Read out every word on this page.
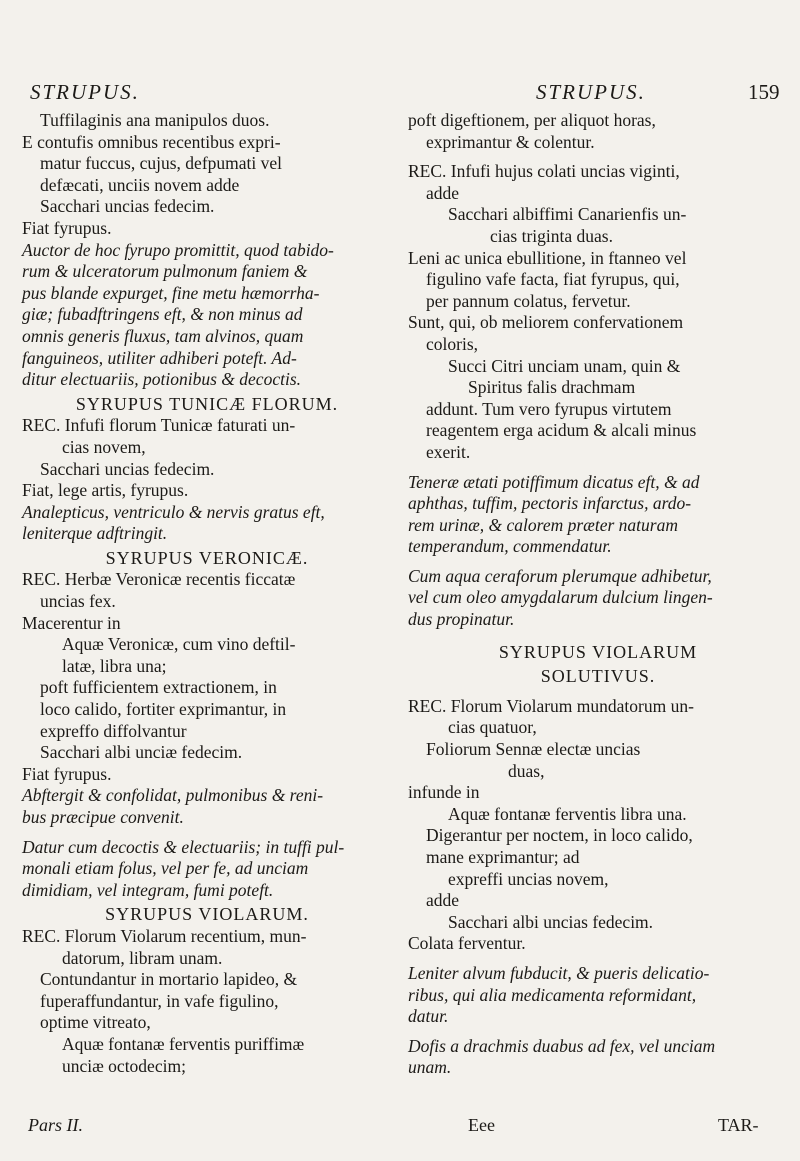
STRUPUS.	STRUPUS.	159
Tuffilaginis ana manipulos duos.
E contufis omnibus recentibus expri-
matur fuccus, cujus, defpumati vel
defæcati, unciis novem adde
Sacchari uncias fedecim.
Fiat fyrupus.
Auctor de hoc fyrupo promittit, quod tabido-
rum & ulceratorum pulmonum faniem &
pus blande expurget, fine metu hæmorrha-
giæ; fubadftringens eft, & non minus ad
omnis generis fluxus, tam alvinos, quam
fanguineos, utiliter adhiberi poteft. Ad-
ditur electuariis, potionibus & decoctis.
SYRUPUS TUNICÆ FLORUM.
REC. Infufi florum Tunicæ faturati un-
cias novem,
Sacchari uncias fedecim.
Fiat, lege artis, fyrupus.
Analepticus, ventriculo & nervis gratus eft,
leniterque adftringit.
SYRUPUS VERONICÆ.
REC. Herbæ Veronicæ recentis ficcatæ
uncias fex.
Macerentur in
Aquæ Veronicæ, cum vino deftil-
latæ, libra una;
poft fufficientem extractionem, in
loco calido, fortiter exprimantur, in
expreffo diffolvantur
Sacchari albi unciæ fedecim.
Fiat fyrupus.
Abftergit & confolidat, pulmonibus & reni-
bus præcipue convenit.
Datur cum decoctis & electuariis; in tuffi pul-
monali etiam folus, vel per fe, ad unciam
dimidiam, vel integram, fumi poteft.
SYRUPUS VIOLARUM.
REC. Florum Violarum recentium, mun-
datorum, libram unam.
Contundantur in mortario lapideo, &
fuperaffundantur, in vafe figulino,
optime vitreato,
Aquæ fontanæ ferventis puriffimæ
unciæ octodecim;
poft digeftionem, per aliquot horas,
exprimantur & colentur.
REC. Infufi hujus colati uncias viginti,
adde
Sacchari albiffimi Canarienfis un-
cias triginta duas.
Leni ac unica ebullitione, in ftanneo vel
figulino vafe facta, fiat fyrupus, qui,
per pannum colatus, fervetur.
Sunt, qui, ob meliorem confervationem
coloris,
Succi Citri unciam unam, quin &
Spiritus falis drachmam
addunt. Tum vero fyrupus virtutem
reagentem erga acidum & alcali minus
exerit.
Teneræ ætati potiffimum dicatus eft, & ad
aphthas, tuffim, pectoris infarctus, ardo-
rem urinæ, & calorem præter naturam
temperandum, commendatur.
Cum aqua ceraforum plerumque adhibetur,
vel cum oleo amygdalarum dulcium lingen-
dus propinatur.
SYRUPUS VIOLARUM
SOLUTIVUS.
REC. Florum Violarum mundatorum un-
cias quatuor,
Foliorum Sennæ electæ uncias
duas,
infunde in
Aquæ fontanæ ferventis libra una.
Digerantur per noctem, in loco calido,
mane exprimantur; ad
expreffi uncias novem,
adde
Sacchari albi uncias fedecim.
Colata ferventur.
Leniter alvum fubducit, & pueris delicatio-
ribus, qui alia medicamenta reformidant,
datur.
Dofis a drachmis duabus ad fex, vel unciam
unam.
Pars II.	Eee	TAR-
